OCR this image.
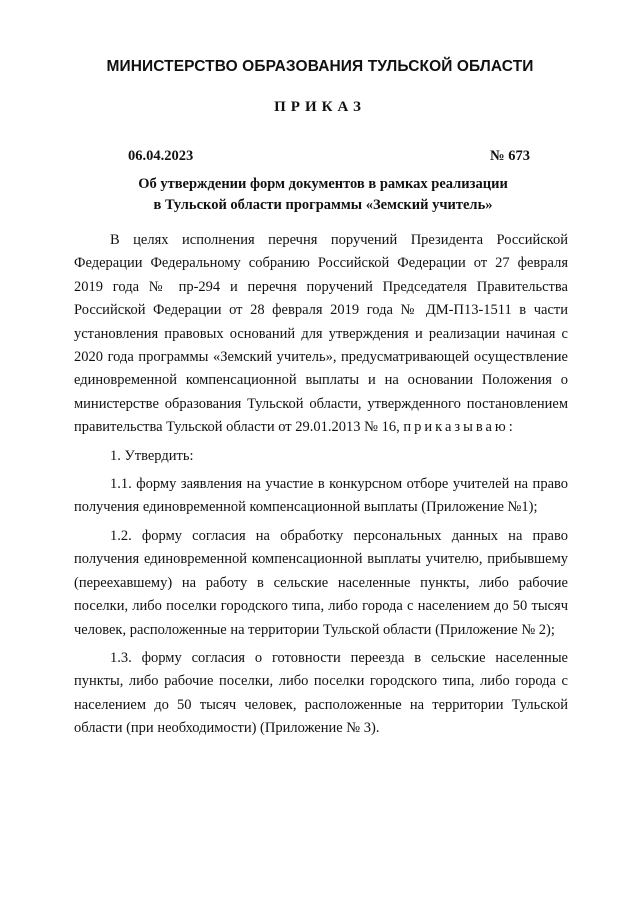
МИНИСТЕРСТВО ОБРАЗОВАНИЯ ТУЛЬСКОЙ ОБЛАСТИ
ПРИКАЗ
06.04.2023	№ 673
Об утверждении форм документов в рамках реализации
в Тульской области программы «Земский учитель»

В целях исполнения перечня поручений Президента Российской Федерации Федеральному собранию Российской Федерации от 27 февраля 2019 года № пр-294 и перечня поручений Председателя Правительства Российской Федерации от 28 февраля 2019 года № ДМ-П13-1511 в части установления правовых оснований для утверждения и реализации начиная с 2020 года программы «Земский учитель», предусматривающей осуществление единовременной компенсационной выплаты и на основании Положения о министерстве образования Тульской области, утвержденного постановлением правительства Тульской области от 29.01.2013 № 16, приказываю:

1. Утвердить:

1.1. форму заявления на участие в конкурсном отборе учителей на право получения единовременной компенсационной выплаты (Приложение №1);

1.2. форму согласия на обработку персональных данных на право получения единовременной компенсационной выплаты учителю, прибывшему (переехавшему) на работу в сельские населенные пункты, либо рабочие поселки, либо поселки городского типа, либо города с населением до 50 тысяч человек, расположенные на территории Тульской области (Приложение № 2);

1.3. форму согласия о готовности переезда в сельские населенные пункты, либо рабочие поселки, либо поселки городского типа, либо города с населением до 50 тысяч человек, расположенные на территории Тульской области (при необходимости) (Приложение № 3).
